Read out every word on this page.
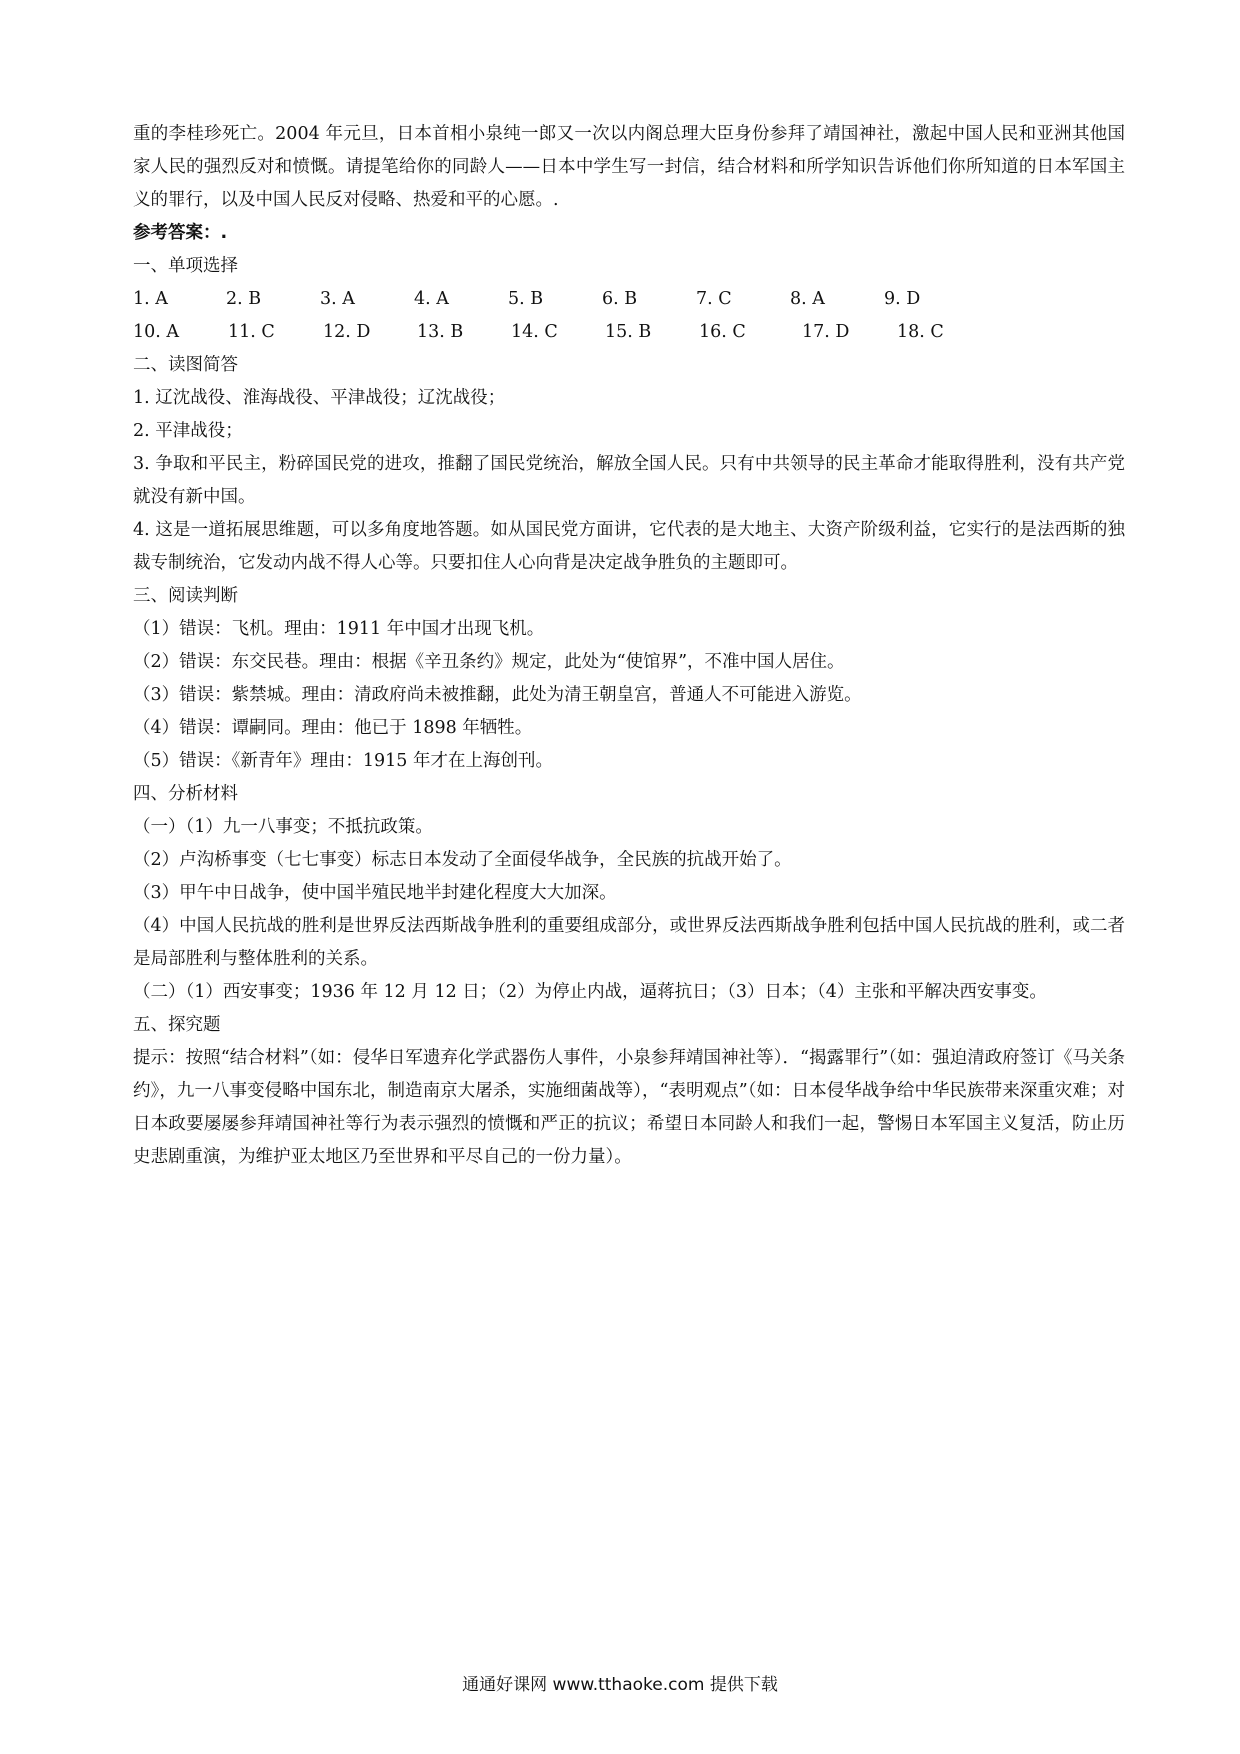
重的李桂珍死亡。2004 年元旦，日本首相小泉纯一郎又一次以内阁总理大臣身份参拜了靖国神社，激起中国人民和亚洲其他国家人民的强烈反对和愤慨。请提笔给你的同龄人——日本中学生写一封信，结合材料和所学知识告诉他们你所知道的日本军国主义的罪行，以及中国人民反对侵略、热爱和平的心愿。.
参考答案：.
一、单项选择
1. A	2. B	3. A	4. A	5. B	6. B	7. C	8. A	9. D
10. A	11. C	12. D	13. B	14. C	15. B	16. C	17. D	18. C
二、读图简答
1. 辽沈战役、淮海战役、平津战役；辽沈战役；
2. 平津战役；
3. 争取和平民主，粉碎国民党的进攻，推翻了国民党统治，解放全国人民。只有中共领导的民主革命才能取得胜利，没有共产党就没有新中国。
4. 这是一道拓展思维题，可以多角度地答题。如从国民党方面讲，它代表的是大地主、大资产阶级利益，它实行的是法西斯的独裁专制统治，它发动内战不得人心等。只要扣住人心向背是决定战争胜负的主题即可。
三、阅读判断
（1）错误：飞机。理由：1911 年中国才出现飞机。
（2）错误：东交民巷。理由：根据《辛丑条约》规定，此处为“使馆界”，不准中国人居住。
（3）错误：紫禁城。理由：清政府尚未被推翻，此处为清王朝皇宫，普通人不可能进入游览。
（4）错误：谭嗣同。理由：他已于 1898 年牺牲。
（5）错误：《新青年》理由：1915 年才在上海创刊。
四、分析材料
（一）（1）九一八事变；不抵抗政策。
（2）卢沟桥事变（七七事变）标志日本发动了全面侵华战争，全民族的抗战开始了。
（3）甲午中日战争，使中国半殖民地半封建化程度大大加深。
（4）中国人民抗战的胜利是世界反法西斯战争胜利的重要组成部分，或世界反法西斯战争胜利包括中国人民抗战的胜利，或二者是局部胜利与整体胜利的关系。
（二）（1）西安事变；1936 年 12 月 12 日；（2）为停止内战，逼蒋抗日；（3）日本；（4）主张和平解决西安事变。
五、探究题
提示：按照“结合材料”（如：侵华日军遗弃化学武器伤人事件，小泉参拜靖国神社等）．“揭露罪行”（如：强迫清政府签订《马关条约》，九一八事变侵略中国东北，制造南京大屠杀，实施细菌战等），“表明观点”（如：日本侵华战争给中华民族带来深重灾难；对日本政要屡屡参拜靖国神社等行为表示强烈的愤慨和严正的抗议；希望日本同龄人和我们一起，警惕日本军国主义复活，防止历史悲剧重演，为维护亚太地区乃至世界和平尽自己的一份力量）。
通通好课网 www.tthaoke.com 提供下载
